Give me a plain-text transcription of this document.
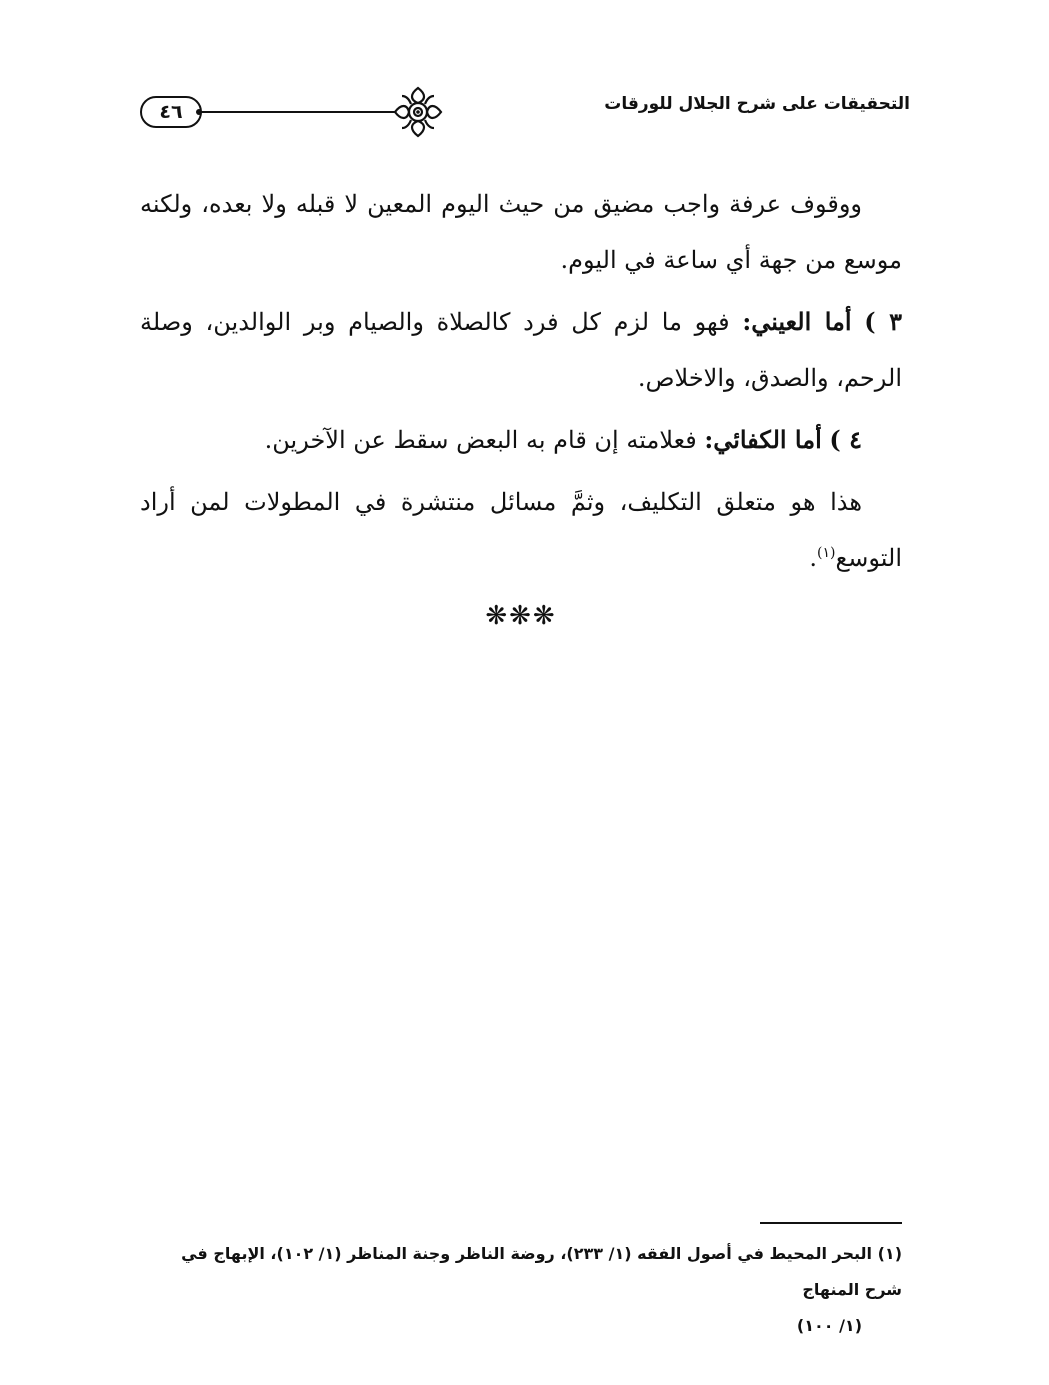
٤٦	التحقيقات على شرح الجلال للورقات

ووقوف عرفة واجب مضيق من حيث اليوم المعين لا قبله ولا بعده، ولكنه موسع من جهة أي ساعة في اليوم.

٣ ) أما العيني: فهو ما لزم كل فرد كالصلاة والصيام وبر الوالدين، وصلة الرحم، والصدق، والاخلاص.

٤ ) أما الكفائي: فعلامته إن قام به البعض سقط عن الآخرين.

هذا هو متعلق التكليف، وثمَّ مسائل منتشرة في المطولات لمن أراد التوسع$^{(١)}$.

❋❋❋

(١) البحر المحيط في أصول الفقه (١/ ٢٣٣)، روضة الناظر وجنة المناظر (١/ ١٠٢)، الإبهاج في شرح المنهاج

(١/ ١٠٠)
